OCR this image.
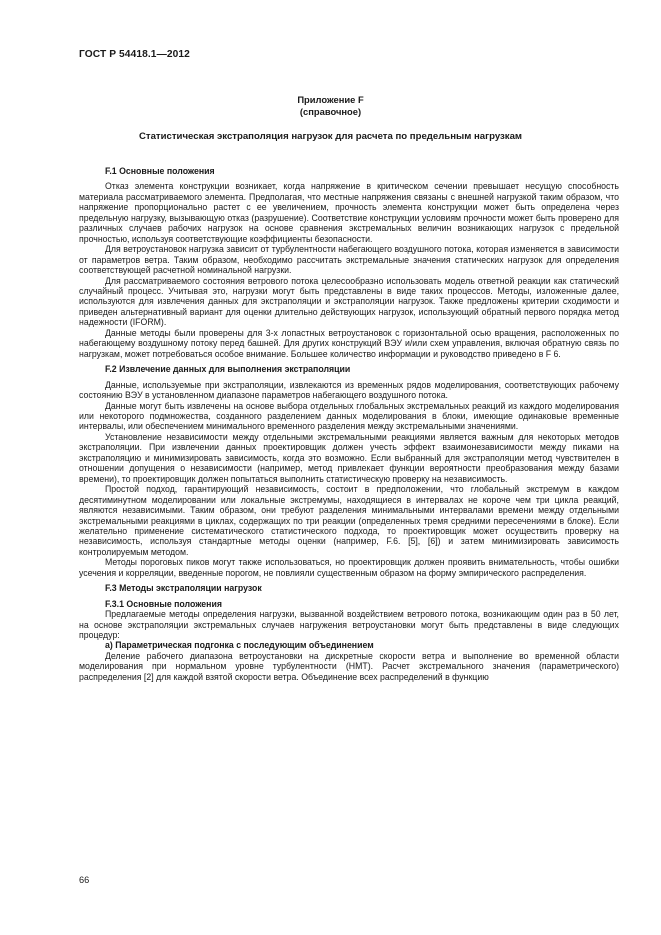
ГОСТ Р 54418.1—2012
Приложение F
(справочное)
Статистическая экстраполяция нагрузок для расчета по предельным нагрузкам
F.1 Основные положения

Отказ элемента конструкции возникает, когда напряжение в критическом сечении превышает несущую способность материала рассматриваемого элемента. Предполагая, что местные напряжения связаны с внешней нагрузкой таким образом, что напряжение пропорционально растет с ее увеличением, прочность элемента конструкции может быть определена через предельную нагрузку, вызывающую отказ (разрушение). Соответствие конструкции условиям прочности может быть проверено для различных случаев рабочих нагрузок на основе сравнения экстремальных величин возникающих нагрузок с предельной прочностью, используя соответствующие коэффициенты безопасности.

Для ветроустановок нагрузка зависит от турбулентности набегающего воздушного потока, которая изменяется в зависимости от параметров ветра. Таким образом, необходимо рассчитать экстремальные значения статических нагрузок для определения соответствующей расчетной номинальной нагрузки.

Для рассматриваемого состояния ветрового потока целесообразно использовать модель ответной реакции как статический случайный процесс. Учитывая это, нагрузки могут быть представлены в виде таких процессов. Методы, изложенные далее, используются для извлечения данных для экстраполяции и экстраполяции нагрузок. Также предложены критерии сходимости и приведен альтернативный вариант для оценки длительно действующих нагрузок, использующий обратный первого порядка метод надежности (IFORM).

Данные методы были проверены для 3-х лопастных ветроустановок с горизонтальной осью вращения, расположенных по набегающему воздушному потоку перед башней. Для других конструкций ВЭУ и/или схем управления, включая обратную связь по нагрузкам, может потребоваться особое внимание. Большее количество информации и руководство приведено в F 6.

F.2 Извлечение данных для выполнения экстраполяции

Данные, используемые при экстраполяции, извлекаются из временных рядов моделирования, соответствующих рабочему состоянию ВЭУ в установленном диапазоне параметров набегающего воздушного потока.

Данные могут быть извлечены на основе выбора отдельных глобальных экстремальных реакций из каждого моделирования или некоторого подмножества, созданного разделением данных моделирования в блоки, имеющие одинаковые временные интервалы, или обеспечением минимального временного разделения между экстремальными значениями.

Установление независимости между отдельными экстремальными реакциями является важным для некоторых методов экстраполяции. При извлечении данных проектировщик должен учесть эффект взаимонезависимости между пиками на экстраполяцию и минимизировать зависимость, когда это возможно. Если выбранный для экстраполяции метод чувствителен в отношении допущения о независимости (например, метод привлекает функции вероятности преобразования между базами времени), то проектировщик должен попытаться выполнить статистическую проверку на независимость.

Простой подход, гарантирующий независимость, состоит в предположении, что глобальный экстремум в каждом десятиминутном моделировании или локальные экстремумы, находящиеся в интервалах не короче чем три цикла реакций, являются независимыми. Таким образом, они требуют разделения минимальными интервалами времени между отдельными экстремальными реакциями в циклах, содержащих по три реакции (определенных тремя средними пересечениями в блоке). Если желательно применение систематического статистического подхода, то проектировщик может осуществить проверку на независимость, используя стандартные методы оценки (например, F.6. [5], [6]) и затем минимизировать зависимость контролируемым методом.

Методы пороговых пиков могут также использоваться, но проектировщик должен проявить внимательность, чтобы ошибки усечения и корреляции, введенные порогом, не повлияли существенным образом на форму эмпирического распределения.

F.3 Методы экстраполяции нагрузок
F.3.1 Основные положения

Предлагаемые методы определения нагрузки, вызванной воздействием ветрового потока, возникающим один раз в 50 лет, на основе экстраполяции экстремальных случаев нагружения ветроустановки могут быть представлены в виде следующих процедур:

а) Параметрическая подгонка с последующим объединением

Деление рабочего диапазона ветроустановки на дискретные скорости ветра и выполнение во временной области моделирования при нормальном уровне турбулентности (НМТ). Расчет экстремального значения (параметрического) распределения [2] для каждой взятой скорости ветра. Объединение всех распределений в функцию

66
